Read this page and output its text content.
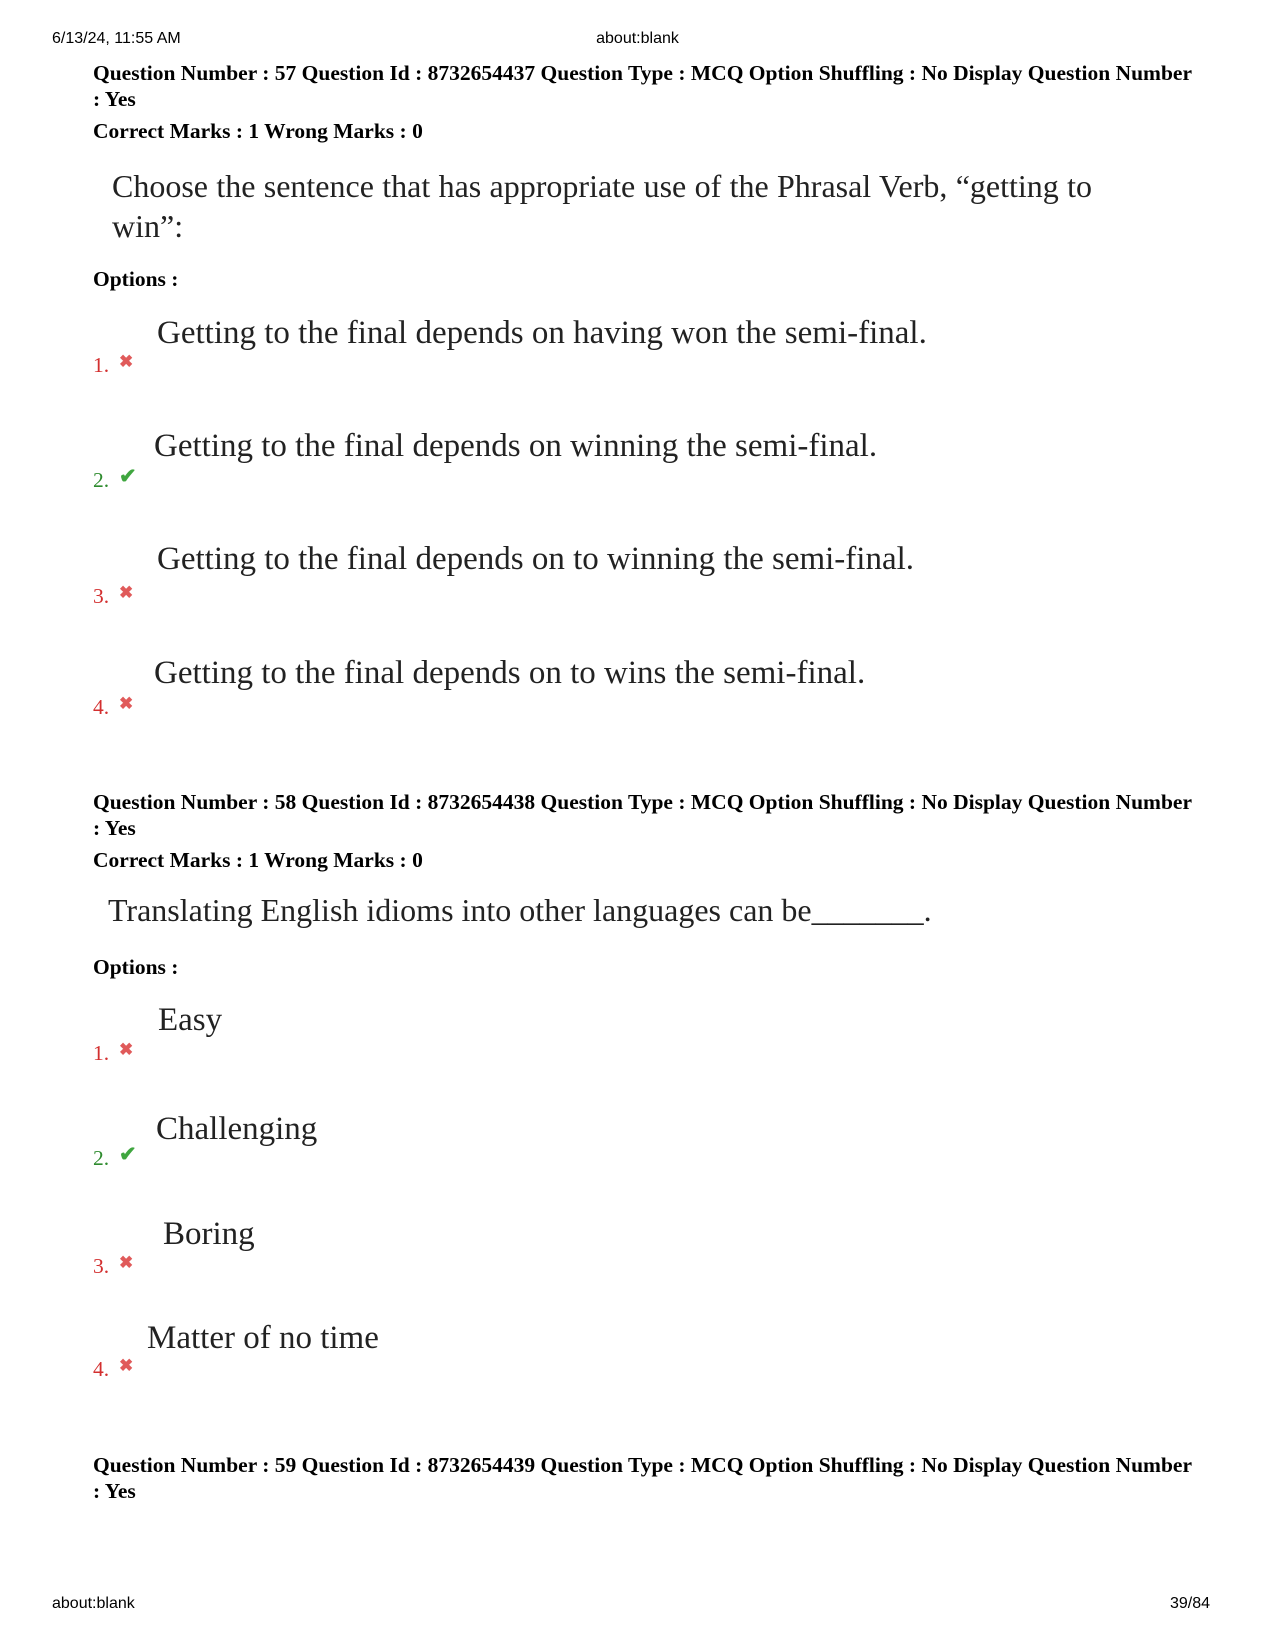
6/13/24, 11:55 AM	about:blank
Question Number : 57 Question Id : 8732654437 Question Type : MCQ Option Shuffling : No Display Question Number : Yes
Correct Marks : 1 Wrong Marks : 0
Choose the sentence that has appropriate use of the Phrasal Verb, “getting to win”:
Options :
Getting to the final depends on having won the semi-final.
1. ✖
Getting to the final depends on winning the semi-final.
2. ✔
Getting to the final depends on to winning the semi-final.
3. ✖
Getting to the final depends on to wins the semi-final.
4. ✖
Question Number : 58 Question Id : 8732654438 Question Type : MCQ Option Shuffling : No Display Question Number : Yes
Correct Marks : 1 Wrong Marks : 0
Translating English idioms into other languages can be_______.
Options :
Easy
1. ✖
Challenging
2. ✔
Boring
3. ✖
Matter of no time
4. ✖
Question Number : 59 Question Id : 8732654439 Question Type : MCQ Option Shuffling : No Display Question Number : Yes
about:blank	39/84
